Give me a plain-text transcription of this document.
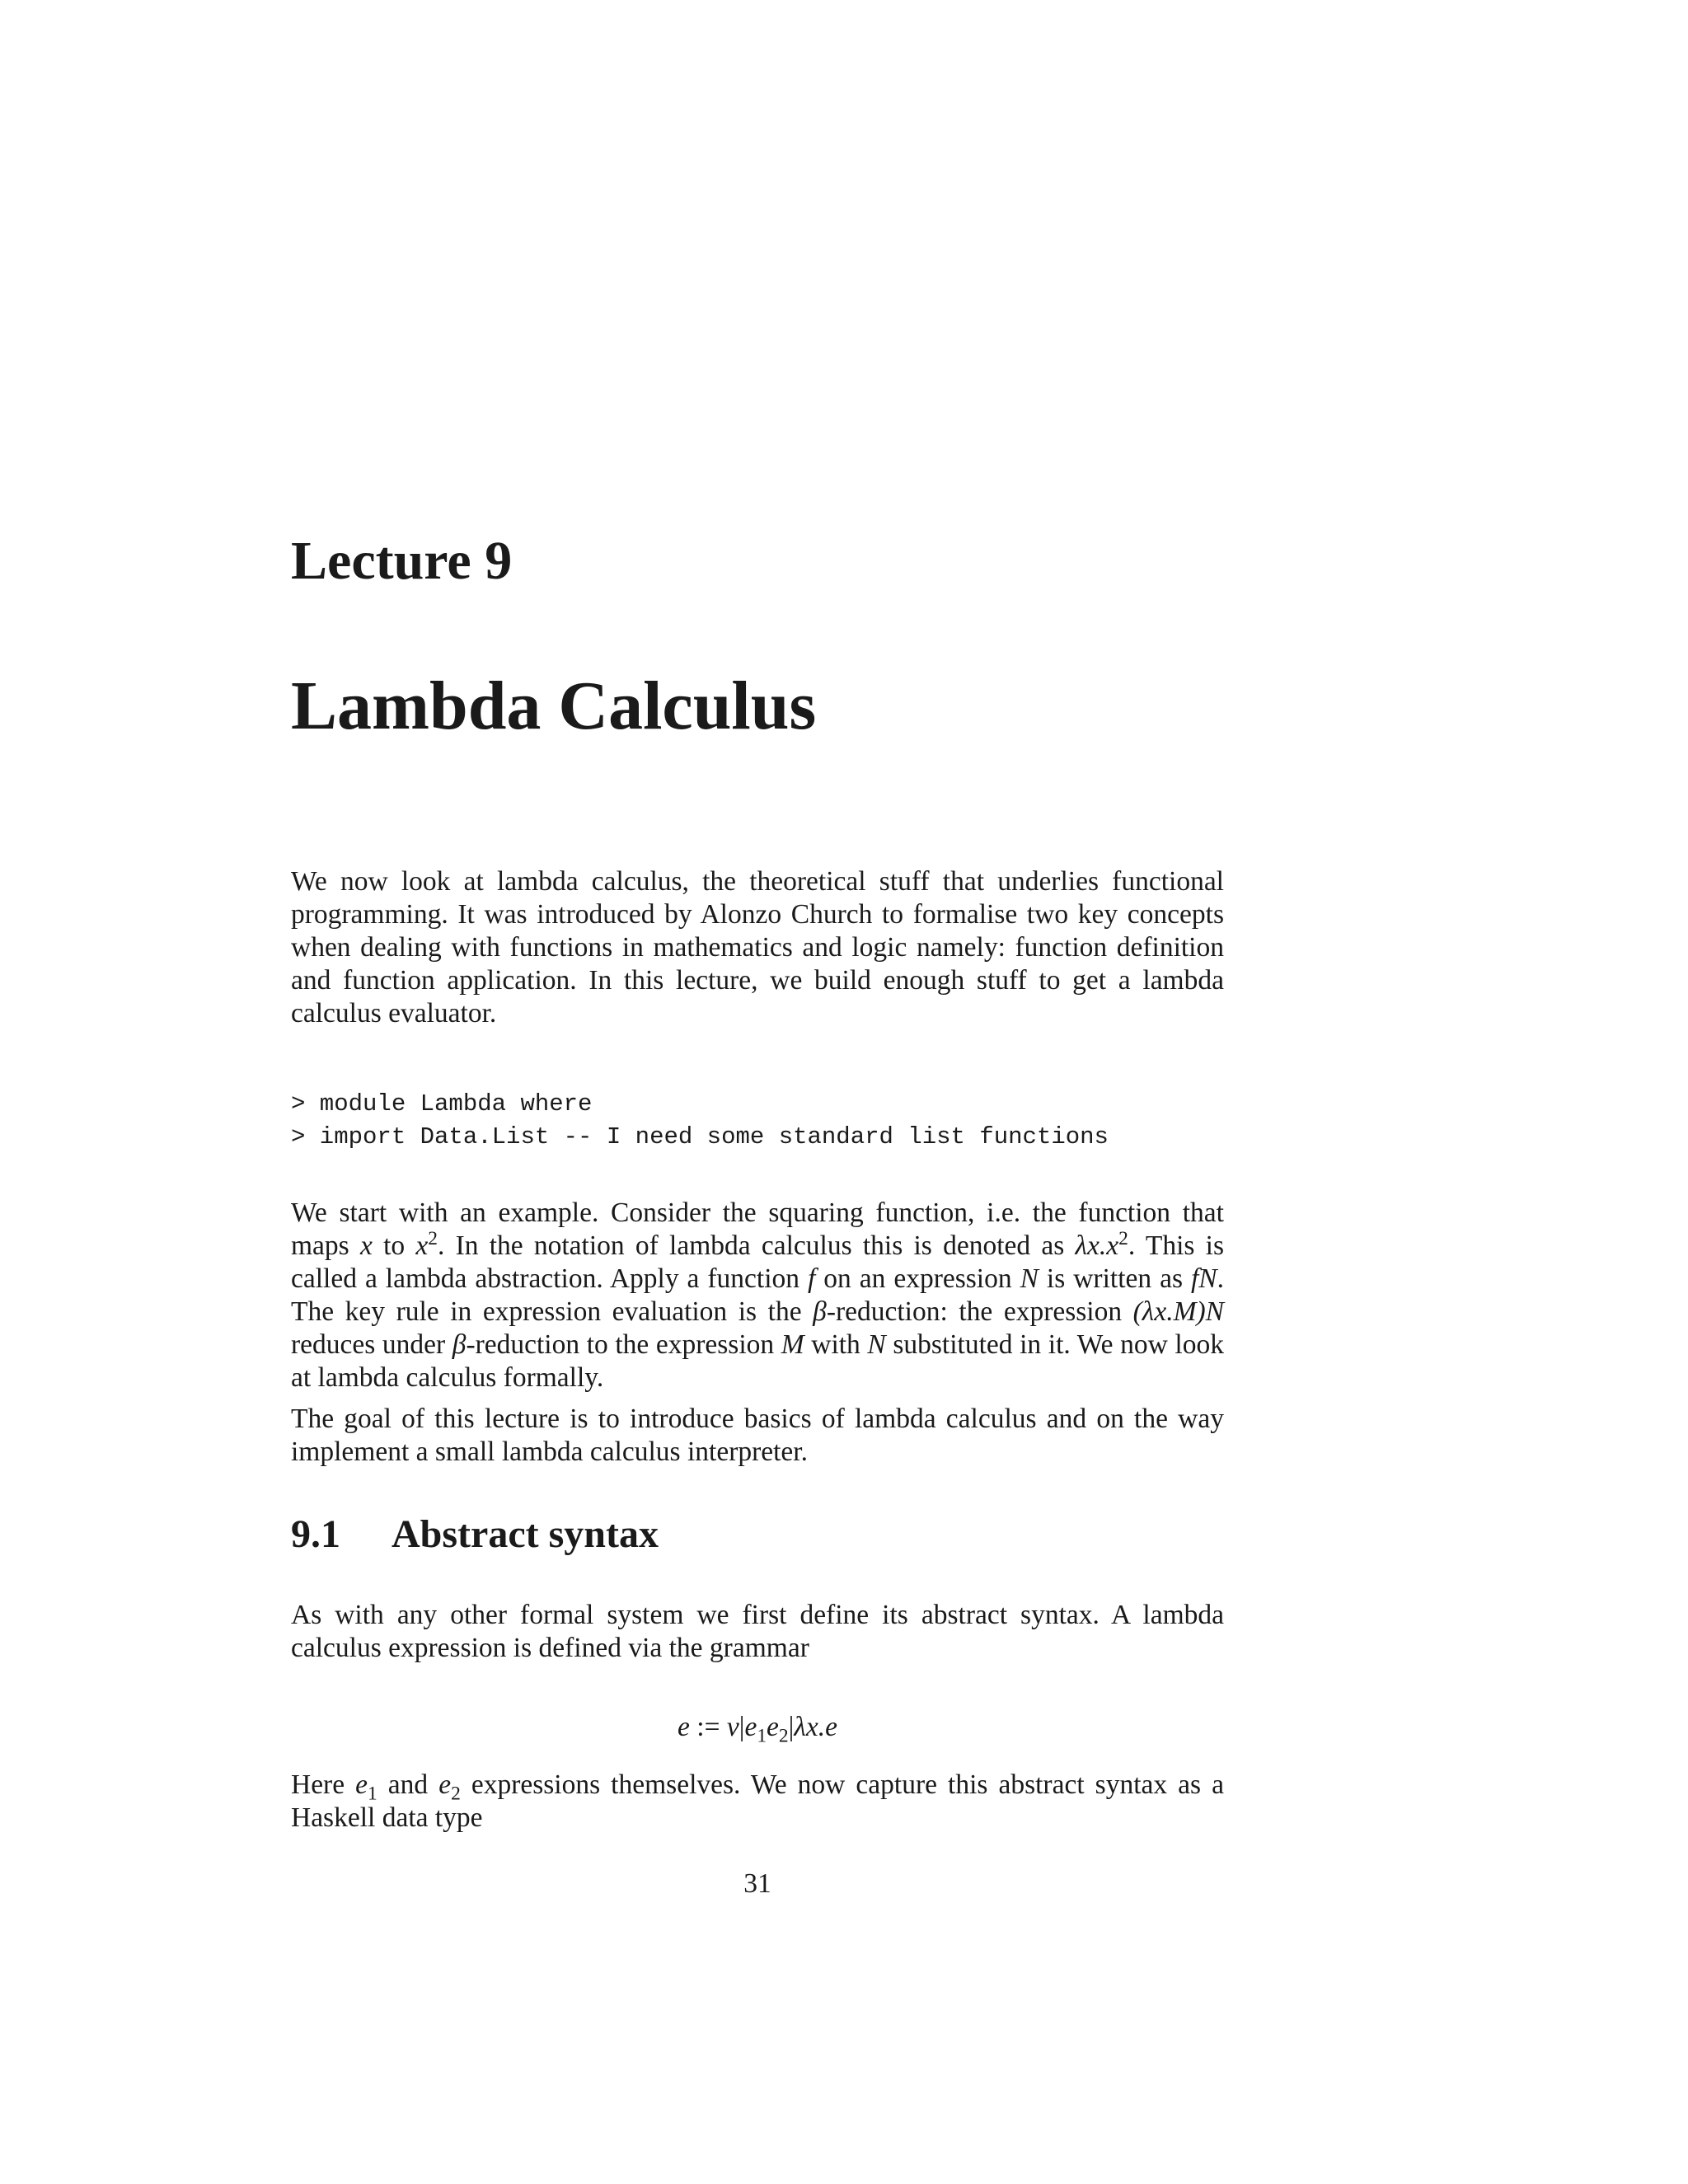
Lecture 9
Lambda Calculus

We now look at lambda calculus, the theoretical stuff that underlies functional programming. It was introduced by Alonzo Church to formalise two key concepts when dealing with functions in mathematics and logic namely: function definition and function application. In this lecture, we build enough stuff to get a lambda calculus evaluator.

> module Lambda where
> import Data.List -- I need some standard list functions

We start with an example. Consider the squaring function, i.e. the function that maps x to $x^2$. In the notation of lambda calculus this is denoted as $\lambda x.x^2$. This is called a lambda abstraction. Apply a function f on an expression N is written as fN. The key rule in expression evaluation is the β-reduction: the expression (λx.M)N reduces under β-reduction to the expression M with N substituted in it. We now look at lambda calculus formally.

The goal of this lecture is to introduce basics of lambda calculus and on the way implement a small lambda calculus interpreter.

9.1 Abstract syntax

As with any other formal system we first define its abstract syntax. A lambda calculus expression is defined via the grammar

e := $v|e_1e_2|\lambda x.e$

Here $e_1$ and $e_2$ expressions themselves. We now capture this abstract syntax as a Haskell data type

31
